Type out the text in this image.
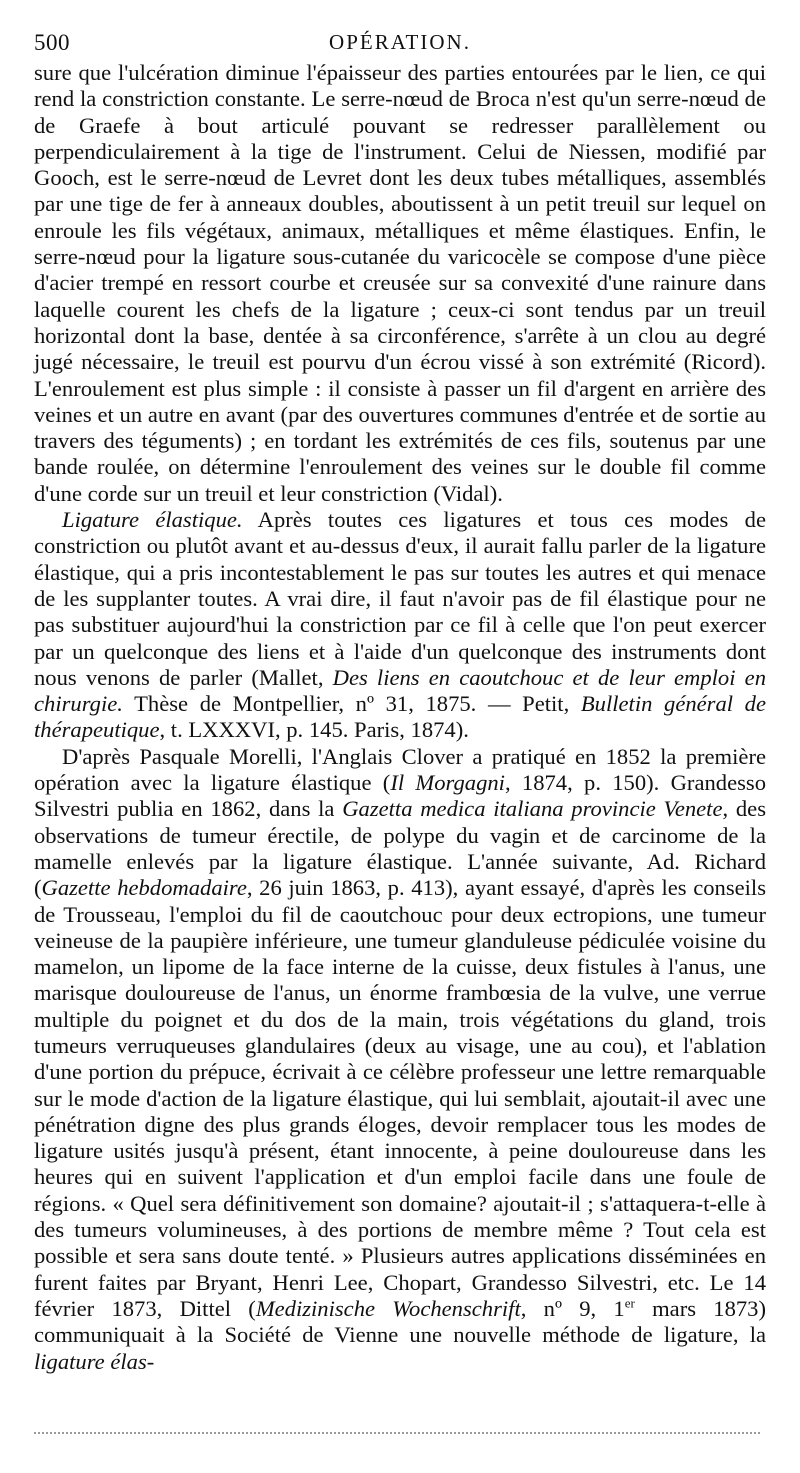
500	OPÉRATION.

sure que l'ulcération diminue l'épaisseur des parties entourées par le lien, ce qui rend la constriction constante. Le serre-nœud de Broca n'est qu'un serre-nœud de de Graefe à bout articulé pouvant se redresser parallèlement ou perpendiculairement à la tige de l'instrument. Celui de Niessen, modifié par Gooch, est le serre-nœud de Levret dont les deux tubes métalliques, assemblés par une tige de fer à anneaux doubles, aboutissent à un petit treuil sur lequel on enroule les fils végétaux, animaux, métalliques et même élastiques. Enfin, le serre-nœud pour la ligature sous-cutanée du varicocèle se compose d'une pièce d'acier trempé en ressort courbe et creusée sur sa convexité d'une rainure dans laquelle courent les chefs de la ligature ; ceux-ci sont tendus par un treuil horizontal dont la base, dentée à sa circonférence, s'arrête à un clou au degré jugé nécessaire, le treuil est pourvu d'un écrou vissé à son extrémité (Ricord). L'enroulement est plus simple : il consiste à passer un fil d'argent en arrière des veines et un autre en avant (par des ouvertures communes d'entrée et de sortie au travers des téguments) ; en tordant les extrémités de ces fils, soutenus par une bande roulée, on détermine l'enroulement des veines sur le double fil comme d'une corde sur un treuil et leur constriction (Vidal).

Ligature élastique. Après toutes ces ligatures et tous ces modes de constriction ou plutôt avant et au-dessus d'eux, il aurait fallu parler de la ligature élastique, qui a pris incontestablement le pas sur toutes les autres et qui menace de les supplanter toutes. A vrai dire, il faut n'avoir pas de fil élastique pour ne pas substituer aujourd'hui la constriction par ce fil à celle que l'on peut exercer par un quelconque des liens et à l'aide d'un quelconque des instruments dont nous venons de parler (Mallet, Des liens en caoutchouc et de leur emploi en chirurgie. Thèse de Montpellier, nº 31, 1875. — Petit, Bulletin général de thérapeutique, t. LXXXVI, p. 145. Paris, 1874).

D'après Pasquale Morelli, l'Anglais Clover a pratiqué en 1852 la première opération avec la ligature élastique (Il Morgagni, 1874, p. 150). Grandesso Silvestri publia en 1862, dans la Gazetta medica italiana provincie Venete, des observations de tumeur érectile, de polype du vagin et de carcinome de la mamelle enlevés par la ligature élastique. L'année suivante, Ad. Richard (Gazette hebdomadaire, 26 juin 1863, p. 413), ayant essayé, d'après les conseils de Trousseau, l'emploi du fil de caoutchouc pour deux ectropions, une tumeur veineuse de la paupière inférieure, une tumeur glanduleuse pédiculée voisine du mamelon, un lipome de la face interne de la cuisse, deux fistules à l'anus, une marisque douloureuse de l'anus, un énorme frambœsia de la vulve, une verrue multiple du poignet et du dos de la main, trois végétations du gland, trois tumeurs verruqueuses glandulaires (deux au visage, une au cou), et l'ablation d'une portion du prépuce, écrivait à ce célèbre professeur une lettre remarquable sur le mode d'action de la ligature élastique, qui lui semblait, ajoutait-il avec une pénétration digne des plus grands éloges, devoir remplacer tous les modes de ligature usités jusqu'à présent, étant innocente, à peine douloureuse dans les heures qui en suivent l'application et d'un emploi facile dans une foule de régions. « Quel sera définitivement son domaine? ajoutait-il ; s'attaquera-t-elle à des tumeurs volumineuses, à des portions de membre même ? Tout cela est possible et sera sans doute tenté. » Plusieurs autres applications disséminées en furent faites par Bryant, Henri Lee, Chopart, Grandesso Silvestri, etc. Le 14 février 1873, Dittel (Medizinische Wochenschrift, nº 9, 1er mars 1873) communiquait à la Société de Vienne une nouvelle méthode de ligature, la ligature élas-
